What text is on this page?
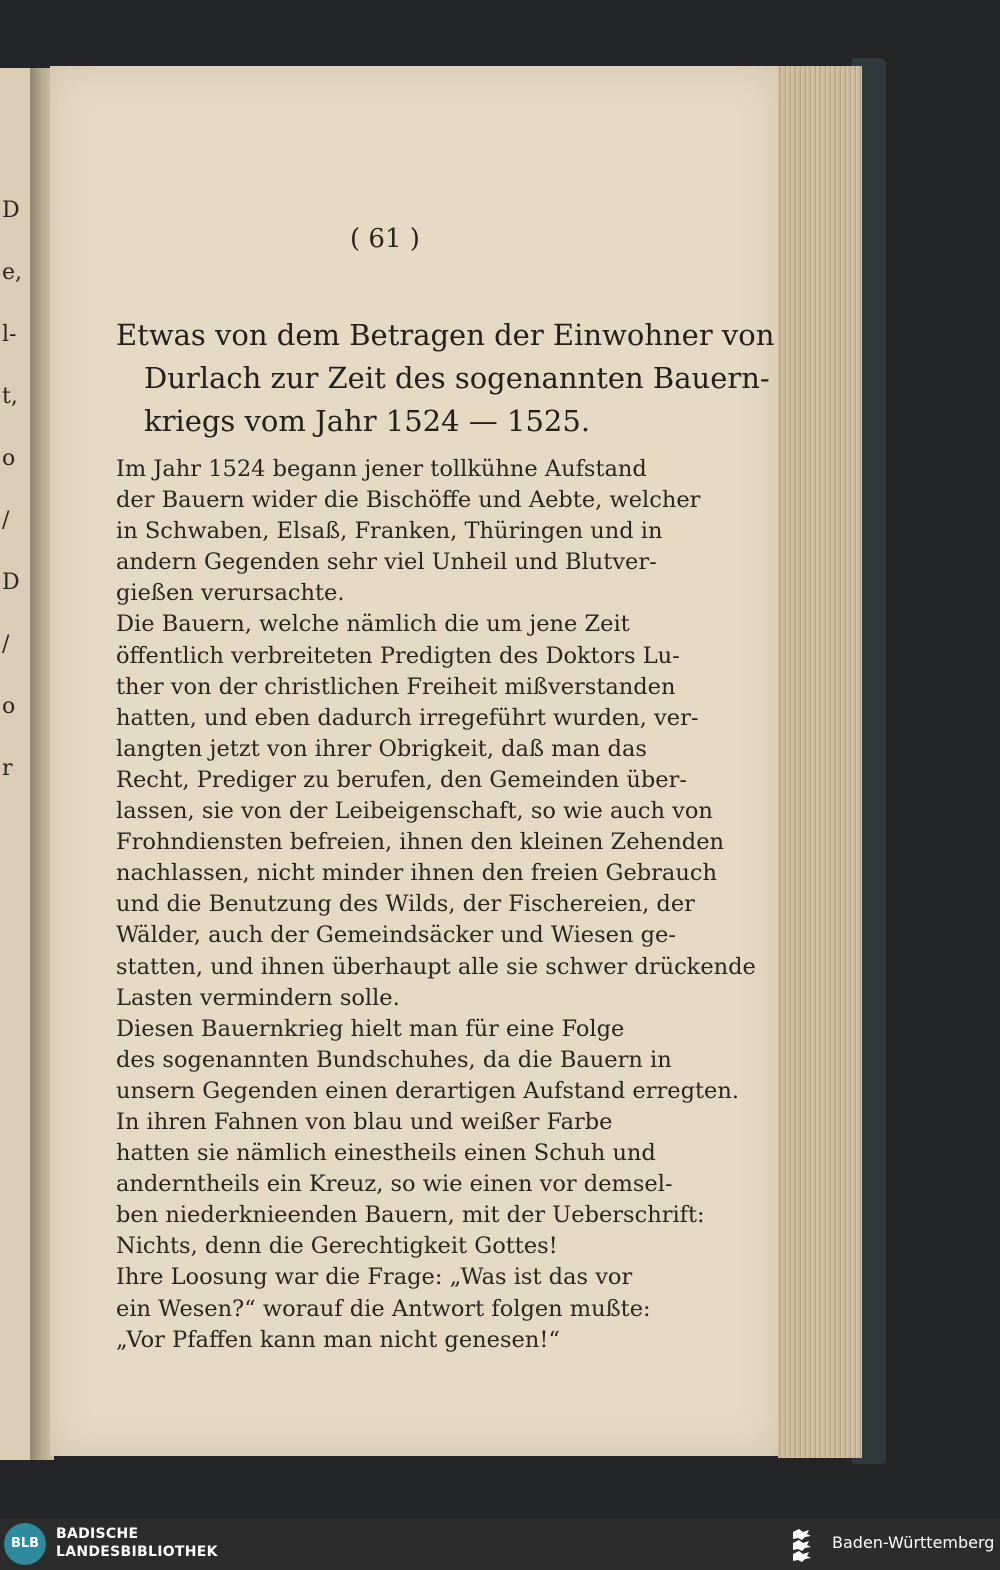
D
e,
l-
t,
o
/
D
/
o
r
( 61 )
Etwas von dem Betragen der Einwohner von
Durlach zur Zeit des sogenannten Bauern-
kriegs vom Jahr 1524 — 1525.
Im Jahr 1524 begann jener tollkühne Aufstand
der Bauern wider die Bischöffe und Aebte, welcher
in Schwaben, Elsaß, Franken, Thüringen und in
andern Gegenden sehr viel Unheil und Blutver-
gießen verursachte.
Die Bauern, welche nämlich die um jene Zeit
öffentlich verbreiteten Predigten des Doktors Lu-
ther von der christlichen Freiheit mißverstanden
hatten, und eben dadurch irregeführt wurden, ver-
langten jetzt von ihrer Obrigkeit, daß man das
Recht, Prediger zu berufen, den Gemeinden über-
lassen, sie von der Leibeigenschaft, so wie auch von
Frohndiensten befreien, ihnen den kleinen Zehenden
nachlassen, nicht minder ihnen den freien Gebrauch
und die Benutzung des Wilds, der Fischereien, der
Wälder, auch der Gemeindsäcker und Wiesen ge-
statten, und ihnen überhaupt alle sie schwer drückende
Lasten vermindern solle.
Diesen Bauernkrieg hielt man für eine Folge
des sogenannten Bundschuhes, da die Bauern in
unsern Gegenden einen derartigen Aufstand erregten.
In ihren Fahnen von blau und weißer Farbe
hatten sie nämlich einestheils einen Schuh und
anderntheils ein Kreuz, so wie einen vor demsel-
ben niederknieenden Bauern, mit der Ueberschrift:
Nichts, denn die Gerechtigkeit Gottes!
Ihre Loosung war die Frage: „Was ist das vor
ein Wesen?“ worauf die Antwort folgen mußte:
„Vor Pfaffen kann man nicht genesen!“
BLB
BADISCHE
LANDESBIBLIOTHEK	Baden-Württemberg
